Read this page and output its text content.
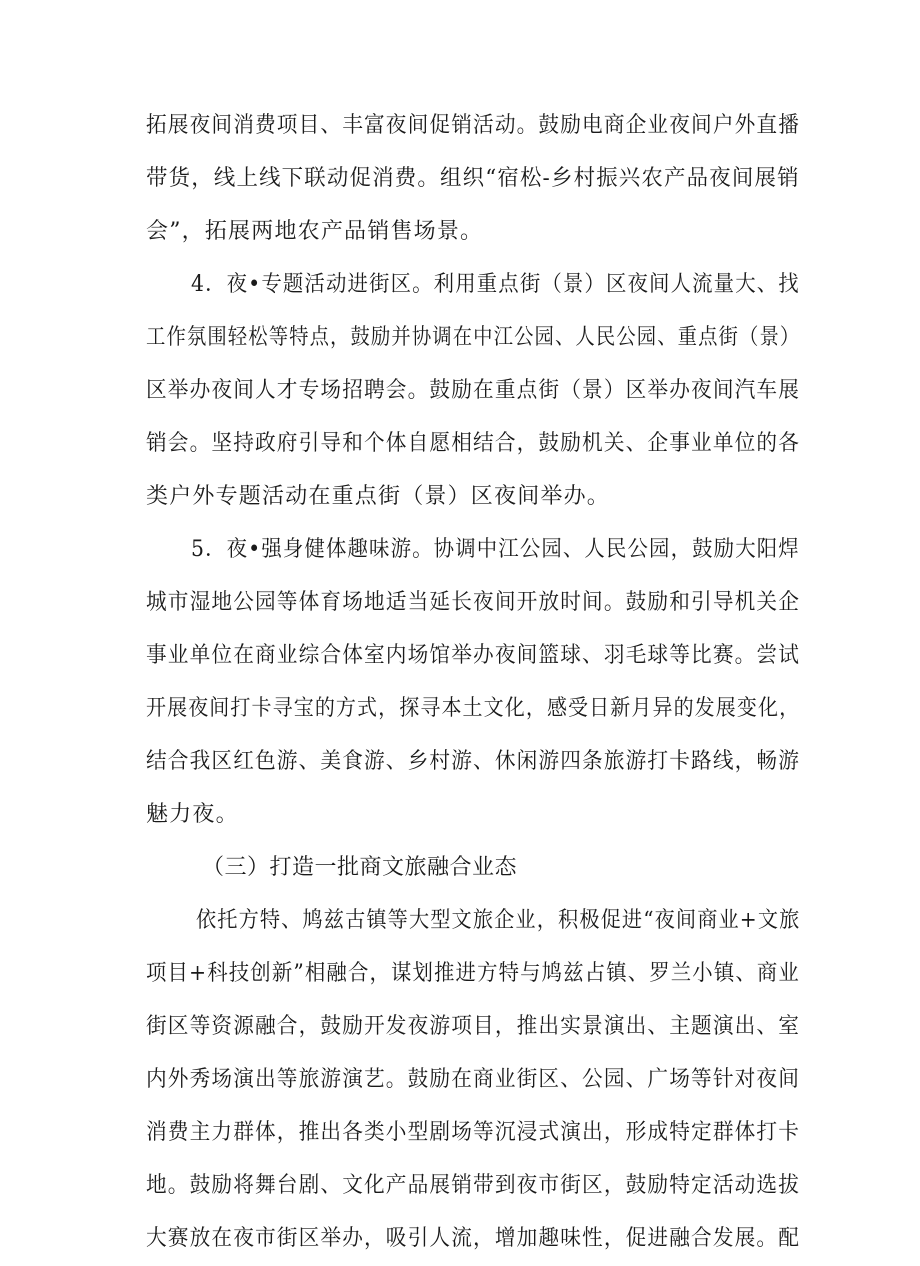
拓展夜间消费项目、丰富夜间促销活动。鼓励电商企业夜间户外直播
带货，线上线下联动促消费。组织“宿松-乡村振兴农产品夜间展销
会”，拓展两地农产品销售场景。
4．夜•专题活动进街区。利用重点街（景）区夜间人流量大、找
工作氛围轻松等特点，鼓励并协调在中江公园、人民公园、重点街（景）
区举办夜间人才专场招聘会。鼓励在重点街（景）区举办夜间汽车展
销会。坚持政府引导和个体自愿相结合，鼓励机关、企事业单位的各
类户外专题活动在重点街（景）区夜间举办。
5．夜•强身健体趣味游。协调中江公园、人民公园，鼓励大阳焊
城市湿地公园等体育场地适当延长夜间开放时间。鼓励和引导机关企
事业单位在商业综合体室内场馆举办夜间篮球、羽毛球等比赛。尝试
开展夜间打卡寻宝的方式，探寻本土文化，感受日新月异的发展变化，
结合我区红色游、美食游、乡村游、休闲游四条旅游打卡路线，畅游
魅力夜。
（三）打造一批商文旅融合业态
依托方特、鸠兹古镇等大型文旅企业，积极促进“夜间商业+文旅
项目+科技创新”相融合，谋划推进方特与鸠兹占镇、罗兰小镇、商业
街区等资源融合，鼓励开发夜游项目，推出实景演出、主题演出、室
内外秀场演出等旅游演艺。鼓励在商业街区、公园、广场等针对夜间
消费主力群体，推出各类小型剧场等沉浸式演出，形成特定群体打卡
地。鼓励将舞台剧、文化产品展销带到夜市街区，鼓励特定活动选拔
大赛放在夜市街区举办，吸引人流，增加趣味性，促进融合发展。配
